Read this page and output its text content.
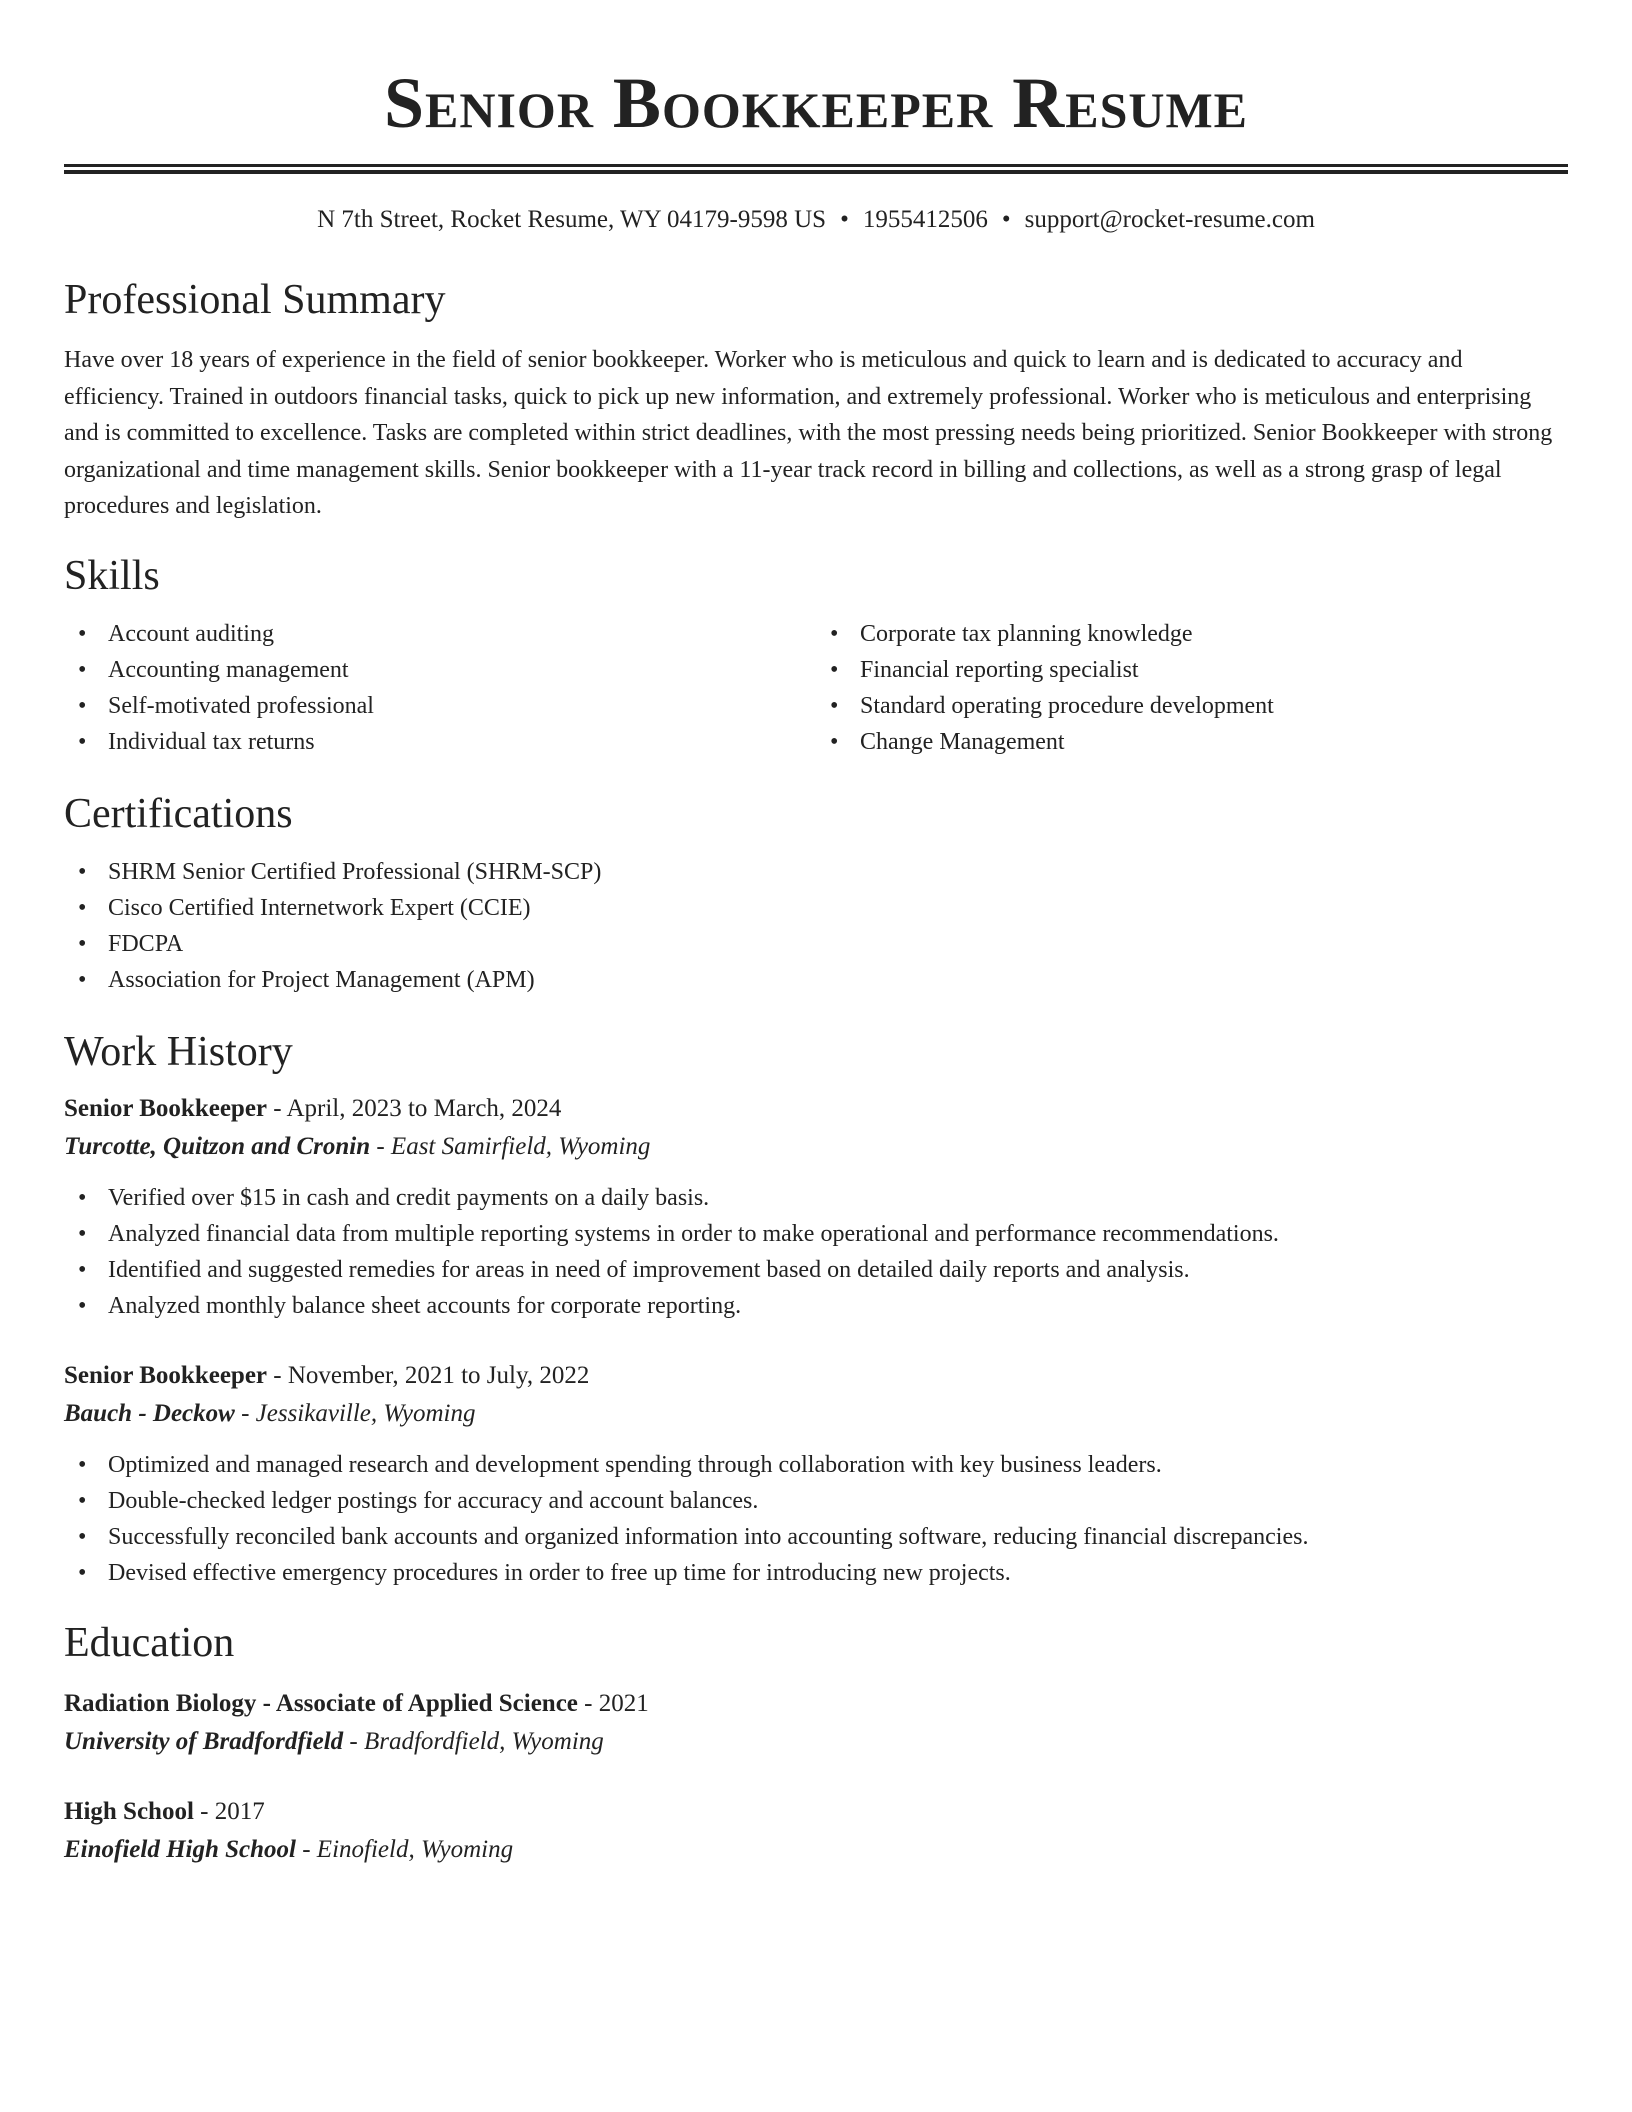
Senior Bookkeeper Resume
N 7th Street, Rocket Resume, WY 04179-9598 US • 1955412506 • support@rocket-resume.com
Professional Summary

Have over 18 years of experience in the field of senior bookkeeper. Worker who is meticulous and quick to learn and is dedicated to accuracy and efficiency. Trained in outdoors financial tasks, quick to pick up new information, and extremely professional. Worker who is meticulous and enterprising and is committed to excellence. Tasks are completed within strict deadlines, with the most pressing needs being prioritized. Senior Bookkeeper with strong organizational and time management skills. Senior bookkeeper with a 11-year track record in billing and collections, as well as a strong grasp of legal procedures and legislation.

Skills
• Account auditing
• Accounting management
• Self-motivated professional
• Individual tax returns
• Corporate tax planning knowledge
• Financial reporting specialist
• Standard operating procedure development
• Change Management
Certifications
• SHRM Senior Certified Professional (SHRM-SCP)
• Cisco Certified Internetwork Expert (CCIE)
• FDCPA
• Association for Project Management (APM)
Work History
Senior Bookkeeper - April, 2023 to March, 2024
Turcotte, Quitzon and Cronin - East Samirfield, Wyoming
• Verified over $15 in cash and credit payments on a daily basis.
• Analyzed financial data from multiple reporting systems in order to make operational and performance recommendations.
• Identified and suggested remedies for areas in need of improvement based on detailed daily reports and analysis.
• Analyzed monthly balance sheet accounts for corporate reporting.
Senior Bookkeeper - November, 2021 to July, 2022
Bauch - Deckow - Jessikaville, Wyoming
• Optimized and managed research and development spending through collaboration with key business leaders.
• Double-checked ledger postings for accuracy and account balances.
• Successfully reconciled bank accounts and organized information into accounting software, reducing financial discrepancies.
• Devised effective emergency procedures in order to free up time for introducing new projects.
Education
Radiation Biology - Associate of Applied Science - 2021
University of Bradfordfield - Bradfordfield, Wyoming
High School - 2017
Einofield High School - Einofield, Wyoming
